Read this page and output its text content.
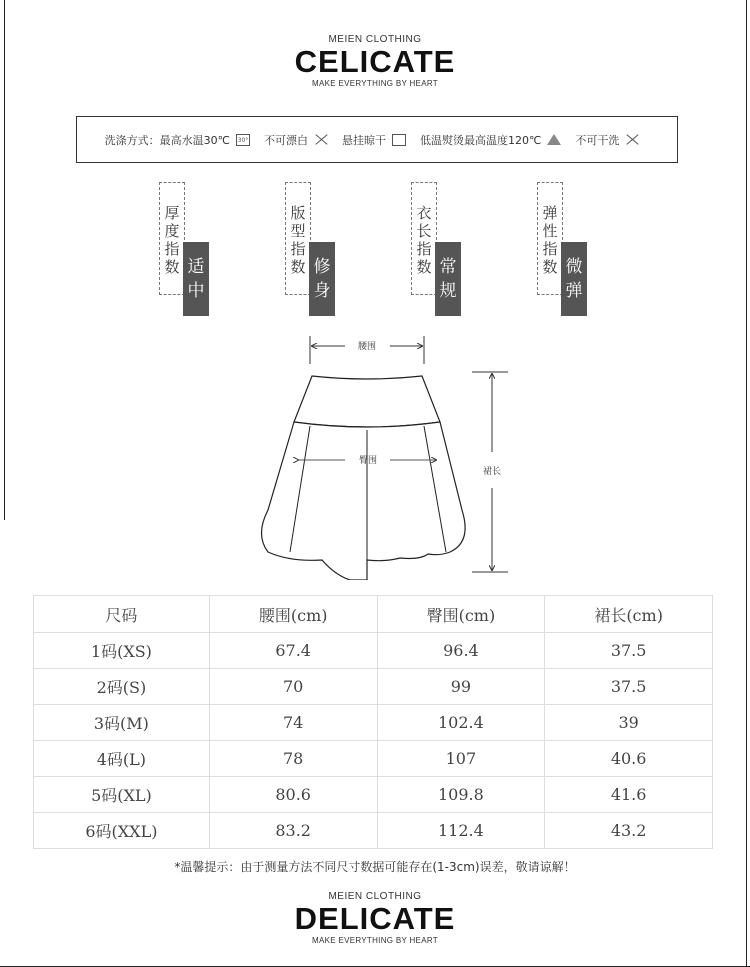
MEIEN CLOTHING
CELICATE
MAKE EVERYTHING BY HEART
洗涤方式：最高水温30℃ 30° 不可漂白	悬挂晾干	低温熨烫最高温度120℃	不可干洗
厚度指数 适中
版型指数 修身
衣长指数 常规
弹性指数 微弹
腰围
臀围
裙长
尺码	腰围(cm)	臀围(cm)	裙长(cm)
1码(XS)	67.4	96.4	37.5
2码(S)	70	99	37.5
3码(M)	74	102.4	39
4码(L)	78	107	40.6
5码(XL)	80.6	109.8	41.6
6码(XXL)	83.2	112.4	43.2
*温馨提示：由于测量方法不同尺寸数据可能存在(1-3cm)误差，敬请谅解！
MEIEN CLOTHING
DELICATE
MAKE EVERYTHING BY HEART
